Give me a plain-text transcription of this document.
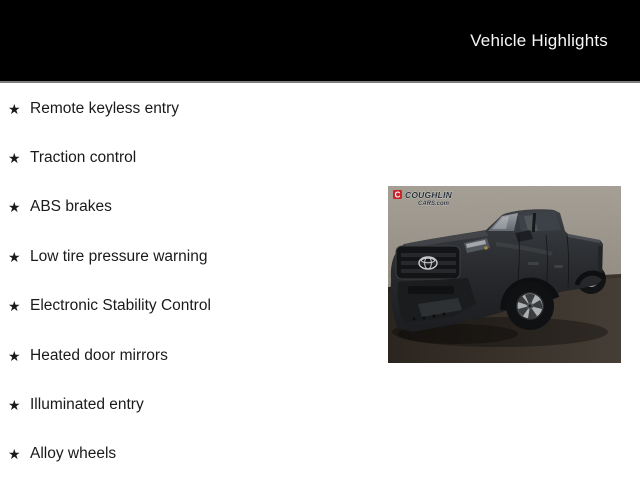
Vehicle Highlights
★ Remote keyless entry
★ Traction control
★ ABS brakes
★ Low tire pressure warning
★ Electronic Stability Control
★ Heated door mirrors
★ Illuminated entry
★ Alloy wheels
C COUGHLIN
CARS.com
